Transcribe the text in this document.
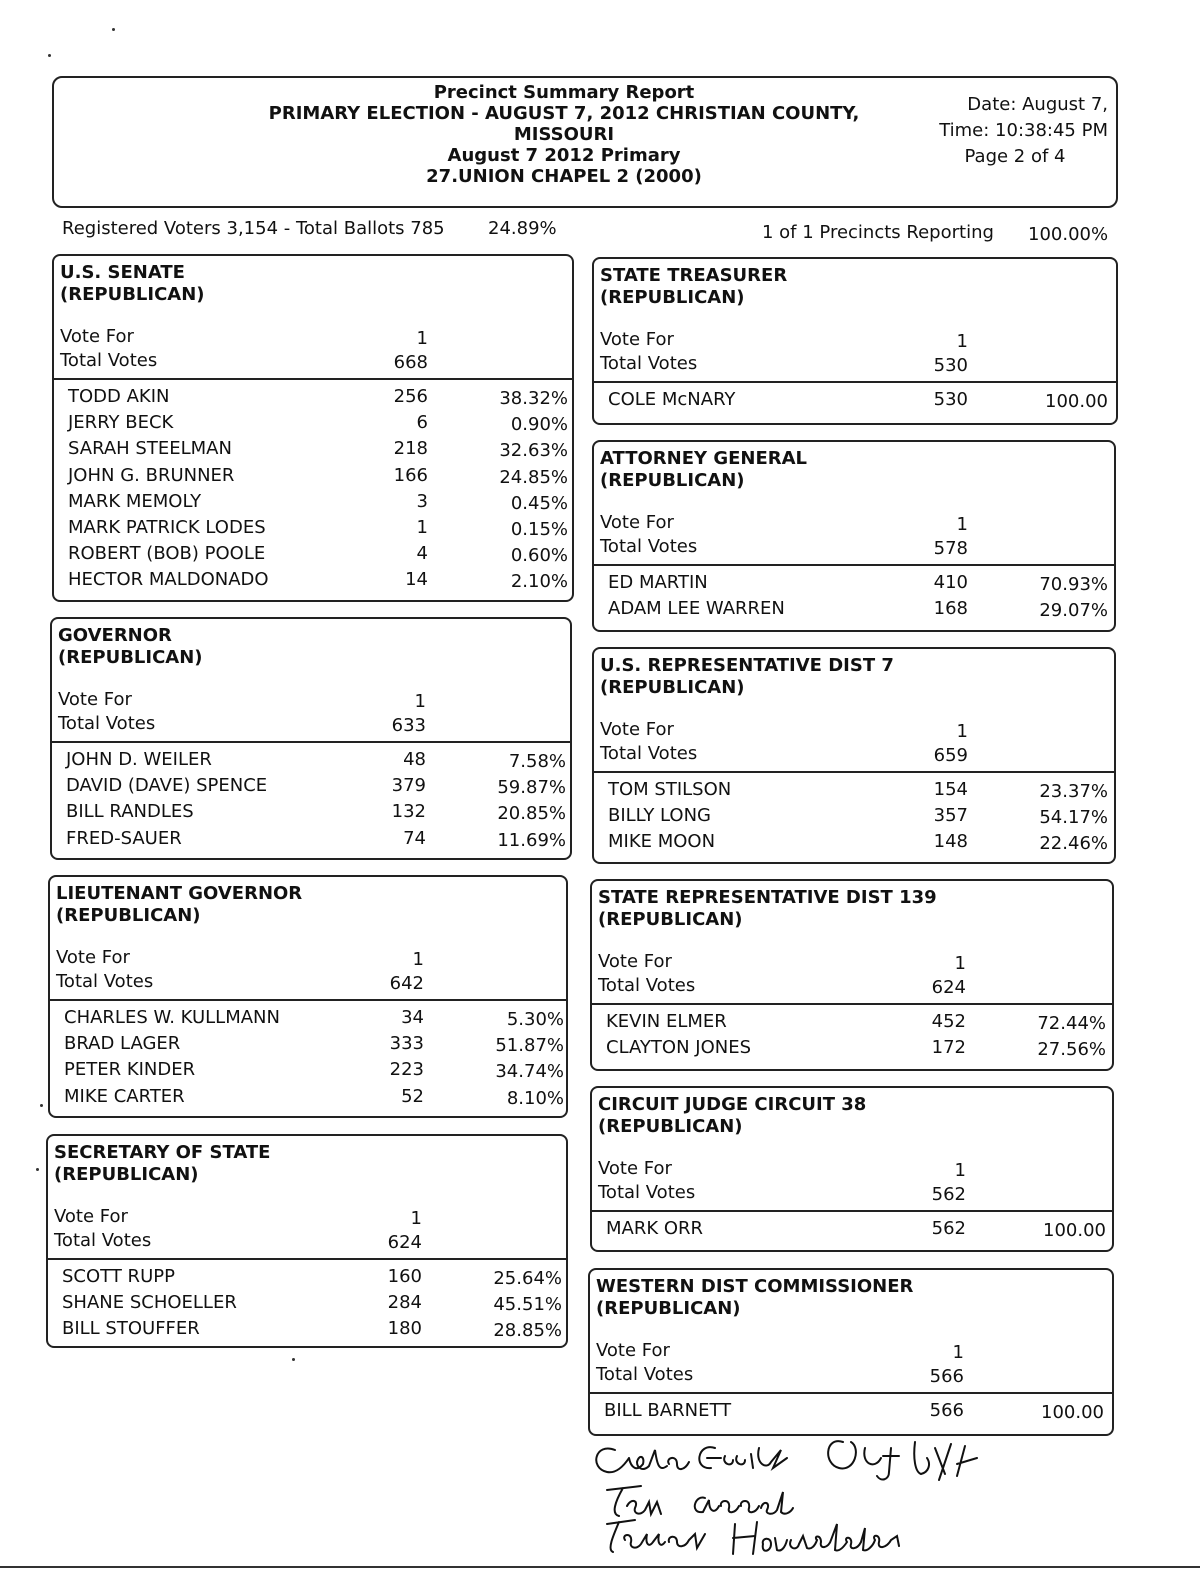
Precinct Summary Report
PRIMARY ELECTION - AUGUST 7, 2012 CHRISTIAN COUNTY,
MISSOURI
August 7 2012 Primary
27.UNION CHAPEL 2 (2000)
Date: August 7,
Time: 10:38:45 PM
Page 2 of 4
Registered Voters 3,154 - Total Ballots 785 24.89%	1 of 1 Precincts Reporting 100.00%
U.S. SENATE
(REPUBLICAN)
Vote For	1
Total Votes	668
TODD AKIN	256	38.32%
JERRY BECK	6	0.90%
SARAH STEELMAN	218	32.63%
JOHN G. BRUNNER	166	24.85%
MARK MEMOLY	3	0.45%
MARK PATRICK LODES	1	0.15%
ROBERT (BOB) POOLE	4	0.60%
HECTOR MALDONADO	14	2.10%
GOVERNOR
(REPUBLICAN)
Vote For	1
Total Votes	633
JOHN D. WEILER	48	7.58%
DAVID (DAVE) SPENCE	379	59.87%
BILL RANDLES	132	20.85%
FRED-SAUER	74	11.69%
LIEUTENANT GOVERNOR
(REPUBLICAN)
Vote For	1
Total Votes	642
CHARLES W. KULLMANN	34	5.30%
BRAD LAGER	333	51.87%
PETER KINDER	223	34.74%
MIKE CARTER	52	8.10%
SECRETARY OF STATE
(REPUBLICAN)
Vote For	1
Total Votes	624
SCOTT RUPP	160	25.64%
SHANE SCHOELLER	284	45.51%
BILL STOUFFER	180	28.85%
STATE TREASURER
(REPUBLICAN)
Vote For	1
Total Votes	530
COLE McNARY	530	100.00
ATTORNEY GENERAL
(REPUBLICAN)
Vote For	1
Total Votes	578
ED MARTIN	410	70.93%
ADAM LEE WARREN	168	29.07%
U.S. REPRESENTATIVE DIST 7
(REPUBLICAN)
Vote For	1
Total Votes	659
TOM STILSON	154	23.37%
BILLY LONG	357	54.17%
MIKE MOON	148	22.46%
STATE REPRESENTATIVE DIST 139
(REPUBLICAN)
Vote For	1
Total Votes	624
KEVIN ELMER	452	72.44%
CLAYTON JONES	172	27.56%
CIRCUIT JUDGE CIRCUIT 38
(REPUBLICAN)
Vote For	1
Total Votes	562
MARK ORR	562	100.00
WESTERN DIST COMMISSIONER
(REPUBLICAN)
Vote For	1
Total Votes	566
BILL BARNETT	566	100.00
